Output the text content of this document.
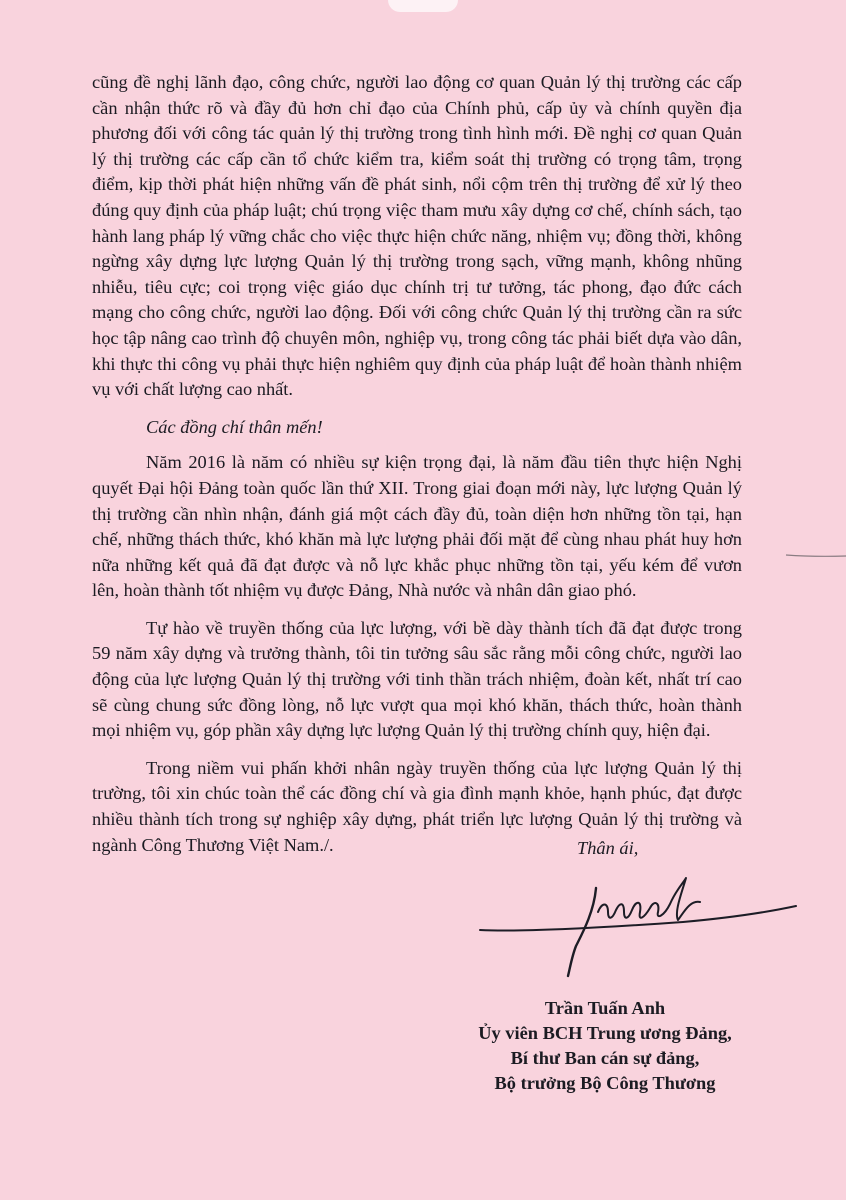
cũng đề nghị lãnh đạo, công chức, người lao động cơ quan Quản lý thị trường các cấp cần nhận thức rõ và đầy đủ hơn chỉ đạo của Chính phủ, cấp ủy và chính quyền địa phương đối với công tác quản lý thị trường trong tình hình mới. Đề nghị cơ quan Quản lý thị trường các cấp cần tổ chức kiểm tra, kiểm soát thị trường có trọng tâm, trọng điểm, kịp thời phát hiện những vấn đề phát sinh, nổi cộm trên thị trường để xử lý theo đúng quy định của pháp luật; chú trọng việc tham mưu xây dựng cơ chế, chính sách, tạo hành lang pháp lý vững chắc cho việc thực hiện chức năng, nhiệm vụ; đồng thời, không ngừng xây dựng lực lượng Quản lý thị trường trong sạch, vững mạnh, không nhũng nhiễu, tiêu cực; coi trọng việc giáo dục chính trị tư tưởng, tác phong, đạo đức cách mạng cho công chức, người lao động. Đối với công chức Quản lý thị trường cần ra sức học tập nâng cao trình độ chuyên môn, nghiệp vụ, trong công tác phải biết dựa vào dân, khi thực thi công vụ phải thực hiện nghiêm quy định của pháp luật để hoàn thành nhiệm vụ với chất lượng cao nhất.

Các đồng chí thân mến!

Năm 2016 là năm có nhiều sự kiện trọng đại, là năm đầu tiên thực hiện Nghị quyết Đại hội Đảng toàn quốc lần thứ XII. Trong giai đoạn mới này, lực lượng Quản lý thị trường cần nhìn nhận, đánh giá một cách đầy đủ, toàn diện hơn những tồn tại, hạn chế, những thách thức, khó khăn mà lực lượng phải đối mặt để cùng nhau phát huy hơn nữa những kết quả đã đạt được và nỗ lực khắc phục những tồn tại, yếu kém để vươn lên, hoàn thành tốt nhiệm vụ được Đảng, Nhà nước và nhân dân giao phó.

Tự hào về truyền thống của lực lượng, với bề dày thành tích đã đạt được trong 59 năm xây dựng và trưởng thành, tôi tin tưởng sâu sắc rằng mỗi công chức, người lao động của lực lượng Quản lý thị trường với tinh thần trách nhiệm, đoàn kết, nhất trí cao sẽ cùng chung sức đồng lòng, nỗ lực vượt qua mọi khó khăn, thách thức, hoàn thành mọi nhiệm vụ, góp phần xây dựng lực lượng Quản lý thị trường chính quy, hiện đại.

Trong niềm vui phấn khởi nhân ngày truyền thống của lực lượng Quản lý thị trường, tôi xin chúc toàn thể các đồng chí và gia đình mạnh khỏe, hạnh phúc, đạt được nhiều thành tích trong sự nghiệp xây dựng, phát triển lực lượng Quản lý thị trường và ngành Công Thương Việt Nam./.	Thân ái,
Trần Tuấn Anh
Ủy viên BCH Trung ương Đảng,
Bí thư Ban cán sự đảng,
Bộ trưởng Bộ Công Thương
